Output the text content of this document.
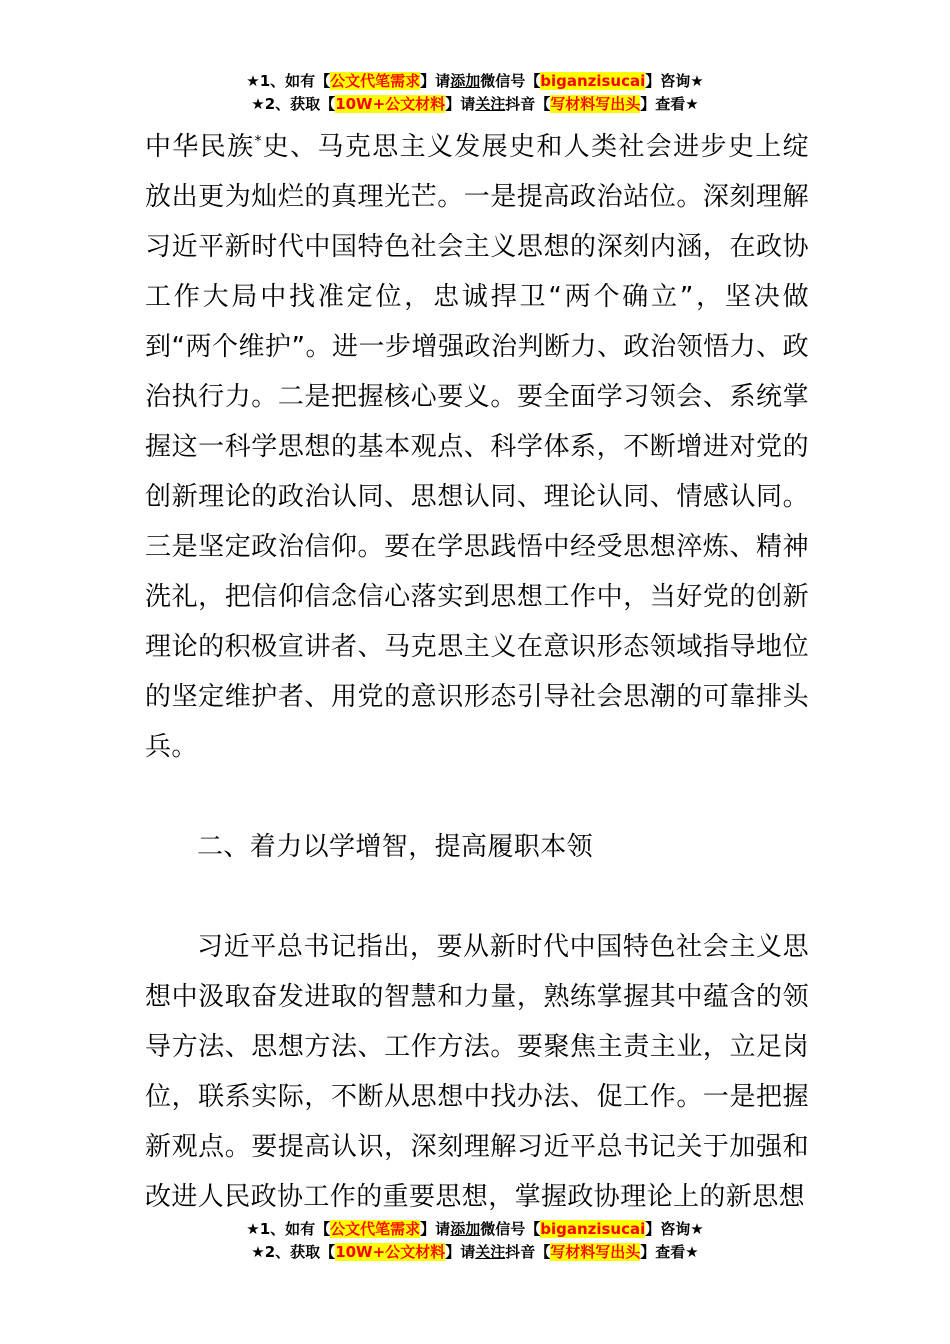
★1、如有【公文代笔需求】请添加微信号【biganzisucai】咨询★
★2、获取【10W+公文材料】请关注抖音【写材料写出头】查看★

中华民族*史、马克思主义发展史和人类社会进步史上绽放出更为灿烂的真理光芒。一是提高政治站位。深刻理解习近平新时代中国特色社会主义思想的深刻内涵，在政协工作大局中找准定位，忠诚捍卫“两个确立”，坚决做到“两个维护”。进一步增强政治判断力、政治领悟力、政治执行力。二是把握核心要义。要全面学习领会、系统掌握这一科学思想的基本观点、科学体系，不断增进对党的创新理论的政治认同、思想认同、理论认同、情感认同。三是坚定政治信仰。要在学思践悟中经受思想淬炼、精神洗礼，把信仰信念信心落实到思想工作中，当好党的创新理论的积极宣讲者、马克思主义在意识形态领域指导地位的坚定维护者、用党的意识形态引导社会思潮的可靠排头兵。

二、着力以学增智，提高履职本领

习近平总书记指出，要从新时代中国特色社会主义思想中汲取奋发进取的智慧和力量，熟练掌握其中蕴含的领导方法、思想方法、工作方法。要聚焦主责主业，立足岗位，联系实际，不断从思想中找办法、促工作。一是把握新观点。要提高认识，深刻理解习近平总书记关于加强和改进人民政协工作的重要思想，掌握政协理论上的新思想

★1、如有【公文代笔需求】请添加微信号【biganzisucai】咨询★
★2、获取【10W+公文材料】请关注抖音【写材料写出头】查看★
